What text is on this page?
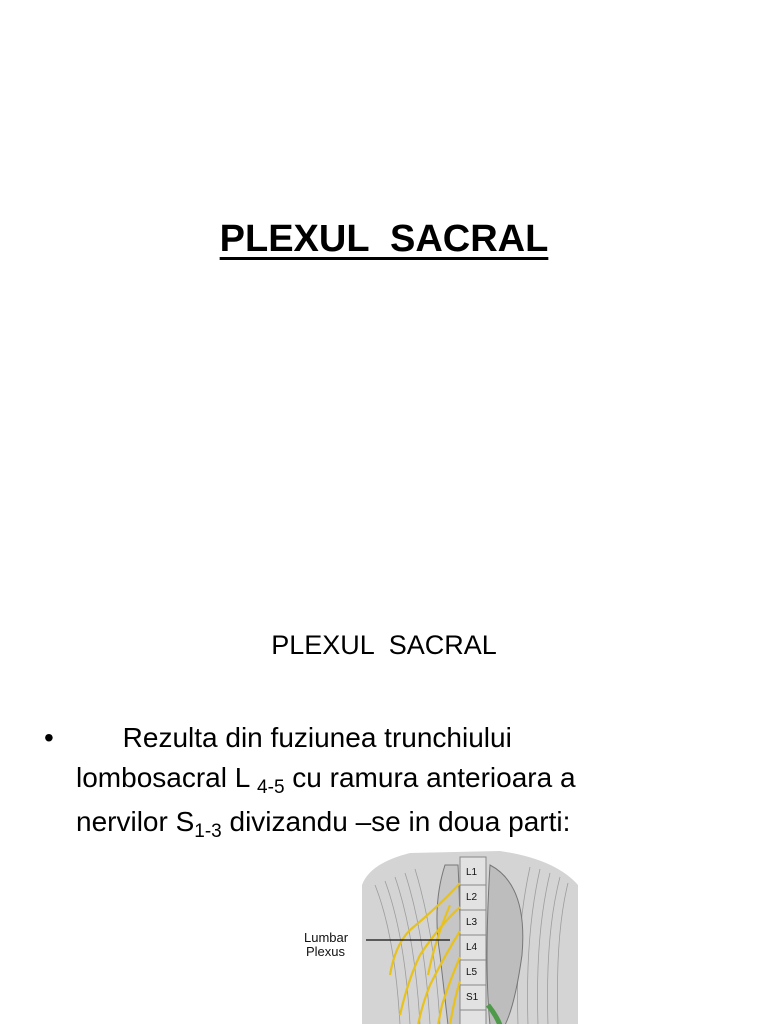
PLEXUL  SACRAL
PLEXUL  SACRAL
• Rezulta din fuziunea trunchiului
lombosacral L $_{4-5}$ cu ramura anterioara a
nervilor $S_{1-3}$ divizandu –se in doua parti:
Lumbar
Plexus
L1
L2
L3
L4
L5
S1
